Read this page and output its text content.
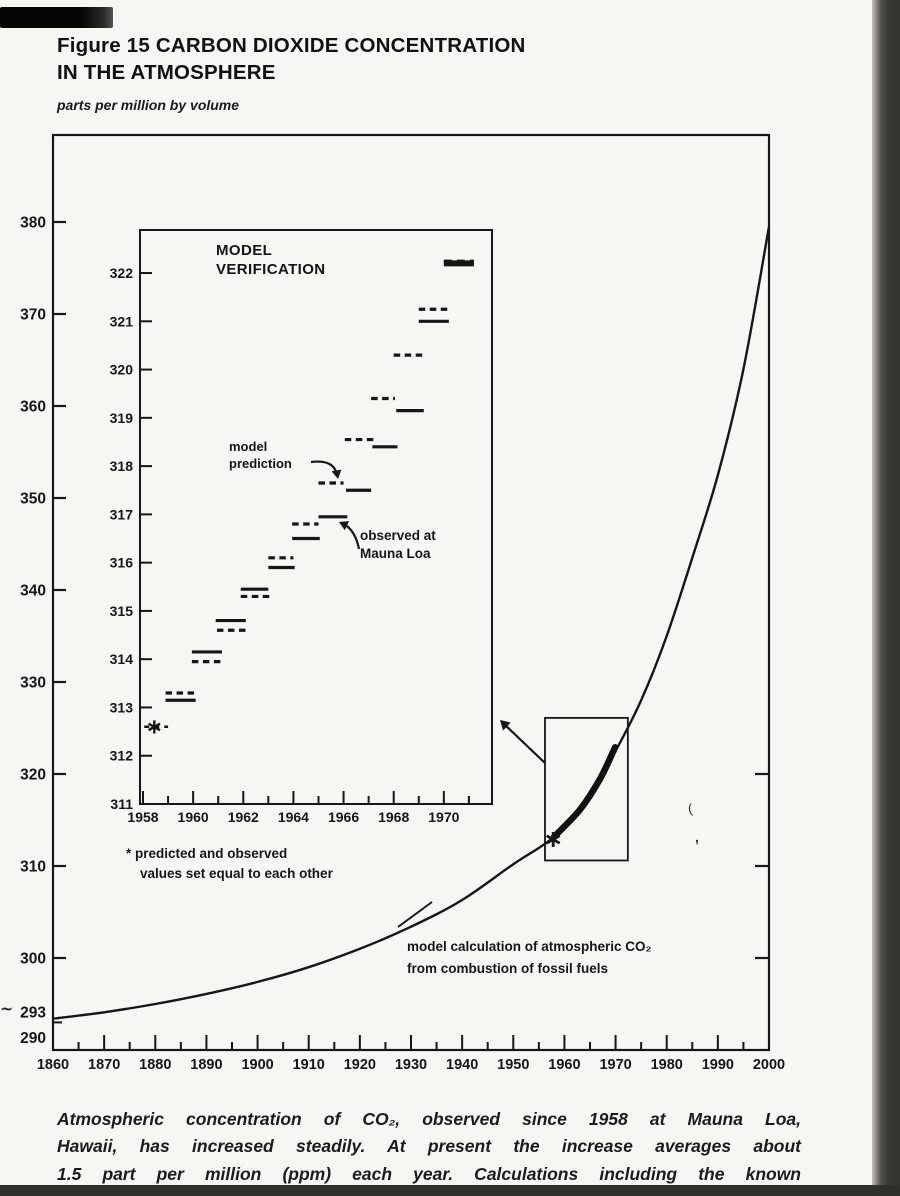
Figure 15 CARBON DIOXIDE CONCENTRATION
IN THE ATMOSPHERE
parts per million by volume
300
310
320
330
340
350
360
370
380
293
290
1860 1870 1880 1890 1900 1910 1920 1930 1940 1950 1960 1970 1980 1990 2000
∗
311
312
313
314
315
316
317
318
319
320
321
322
1958 1960 1962 1964 1966 1968 1970
∗
MODEL
VERIFICATION
model
prediction
observed at
Mauna Loa
* predicted and observed
values set equal to each other
model calculation of atmospheric CO₂
from combustion of fossil fuels
Atmospheric concentration of CO₂, observed since 1958 at Mauna Loa,
Hawaii, has increased steadily. At present the increase averages about
1.5 part per million (ppm) each year. Calculations including the known
∼
(
,
